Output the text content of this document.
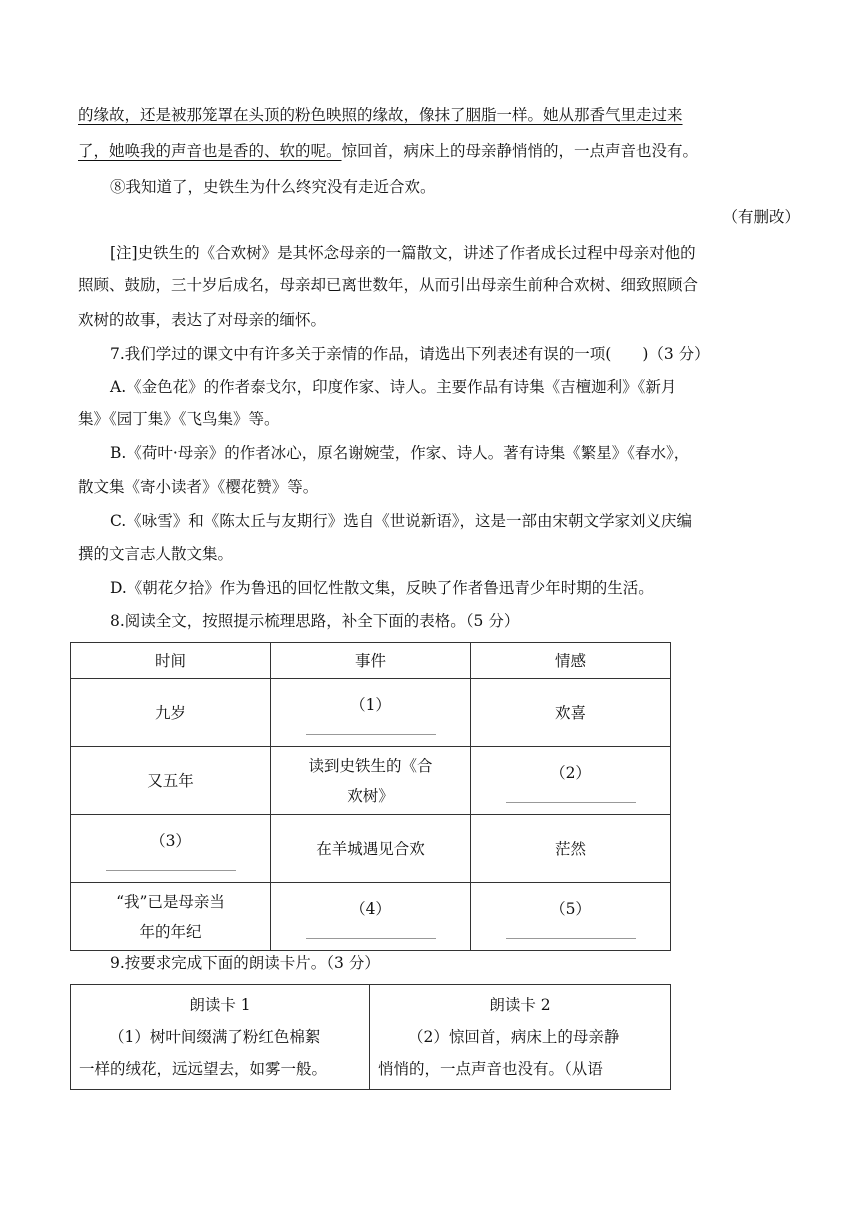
的缘故，还是被那笼罩在头顶的粉色映照的缘故，像抹了胭脂一样。她从那香气里走过来
了，她唤我的声音也是香的、软的呢。惊回首，病床上的母亲静悄悄的，一点声音也没有。
⑧我知道了，史铁生为什么终究没有走近合欢。
（有删改）
[注]史铁生的《合欢树》是其怀念母亲的一篇散文，讲述了作者成长过程中母亲对他的
照顾、鼓励，三十岁后成名，母亲却已离世数年，从而引出母亲生前种合欢树、细致照顾合
欢树的故事，表达了对母亲的缅怀。
7.我们学过的课文中有许多关于亲情的作品，请选出下列表述有误的一项(　　)（3 分）
A.《金色花》的作者泰戈尔，印度作家、诗人。主要作品有诗集《吉檀迦利》《新月
集》《园丁集》《飞鸟集》等。
B.《荷叶·母亲》的作者冰心，原名谢婉莹，作家、诗人。著有诗集《繁星》《春水》，
散文集《寄小读者》《樱花赞》等。
C.《咏雪》和《陈太丘与友期行》选自《世说新语》，这是一部由宋朝文学家刘义庆编
撰的文言志人散文集。
D.《朝花夕拾》作为鲁迅的回忆性散文集，反映了作者鲁迅青少年时期的生活。
8.阅读全文，按照提示梳理思路，补全下面的表格。（5 分）
时间	事件	情感
九岁	（1）	欢喜
又五年	读到史铁生的《合
欢树》	（2）

（3）	在羊城遇见合欢	茫然

“我”已是母亲当
年的年纪	（4）	（5）
9.按要求完成下面的朗读卡片。（3 分）
朗读卡 1
（1）树叶间缀满了粉红色棉絮
一样的绒花，远远望去，如雾一般。

朗读卡 2
（2）惊回首，病床上的母亲静
悄悄的，一点声音也没有。（从语
